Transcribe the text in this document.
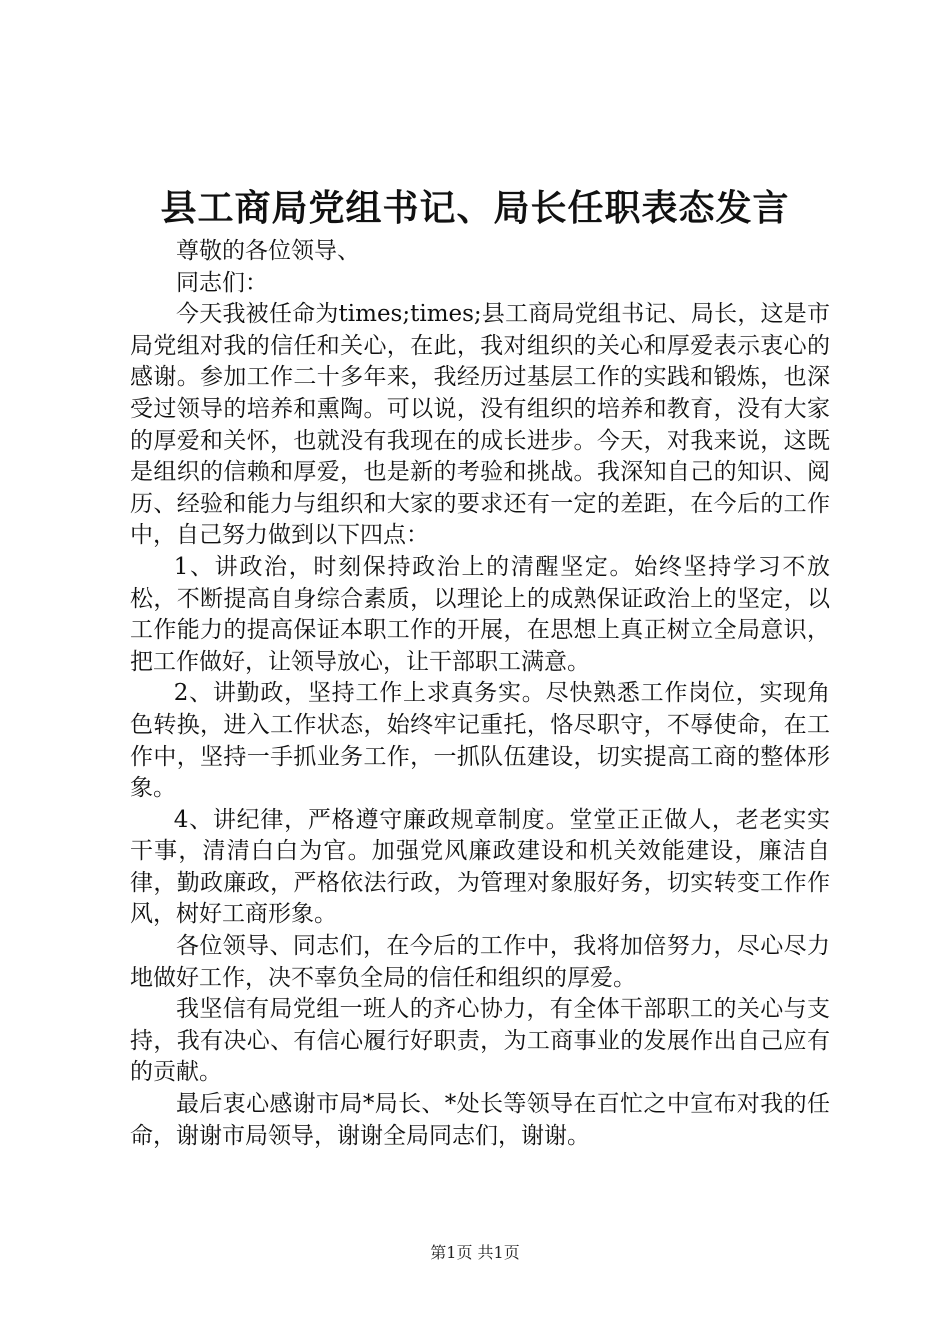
县工商局党组书记、局长任职表态发言

尊敬的各位领导、

同志们：

今天我被任命为times;times;县工商局党组书记、局长，这是市局党组对我的信任和关心，在此，我对组织的关心和厚爱表示衷心的感谢。参加工作二十多年来，我经历过基层工作的实践和锻炼，也深受过领导的培养和熏陶。可以说，没有组织的培养和教育，没有大家的厚爱和关怀，也就没有我现在的成长进步。今天，对我来说，这既是组织的信赖和厚爱，也是新的考验和挑战。我深知自己的知识、阅历、经验和能力与组织和大家的要求还有一定的差距，在今后的工作中，自己努力做到以下四点：

1、讲政治，时刻保持政治上的清醒坚定。始终坚持学习不放松，不断提高自身综合素质，以理论上的成熟保证政治上的坚定，以工作能力的提高保证本职工作的开展，在思想上真正树立全局意识，把工作做好，让领导放心，让干部职工满意。

2、讲勤政，坚持工作上求真务实。尽快熟悉工作岗位，实现角色转换，进入工作状态，始终牢记重托，恪尽职守，不辱使命，在工作中，坚持一手抓业务工作，一抓队伍建设，切实提高工商的整体形象。

4、讲纪律，严格遵守廉政规章制度。堂堂正正做人，老老实实干事，清清白白为官。加强党风廉政建设和机关效能建设，廉洁自律，勤政廉政，严格依法行政，为管理对象服好务，切实转变工作作风，树好工商形象。

各位领导、同志们，在今后的工作中，我将加倍努力，尽心尽力地做好工作，决不辜负全局的信任和组织的厚爱。

我坚信有局党组一班人的齐心协力，有全体干部职工的关心与支持，我有决心、有信心履行好职责，为工商事业的发展作出自己应有的贡献。

最后衷心感谢市局*局长、*处长等领导在百忙之中宣布对我的任命，谢谢市局领导，谢谢全局同志们，谢谢。

第1页 共1页
